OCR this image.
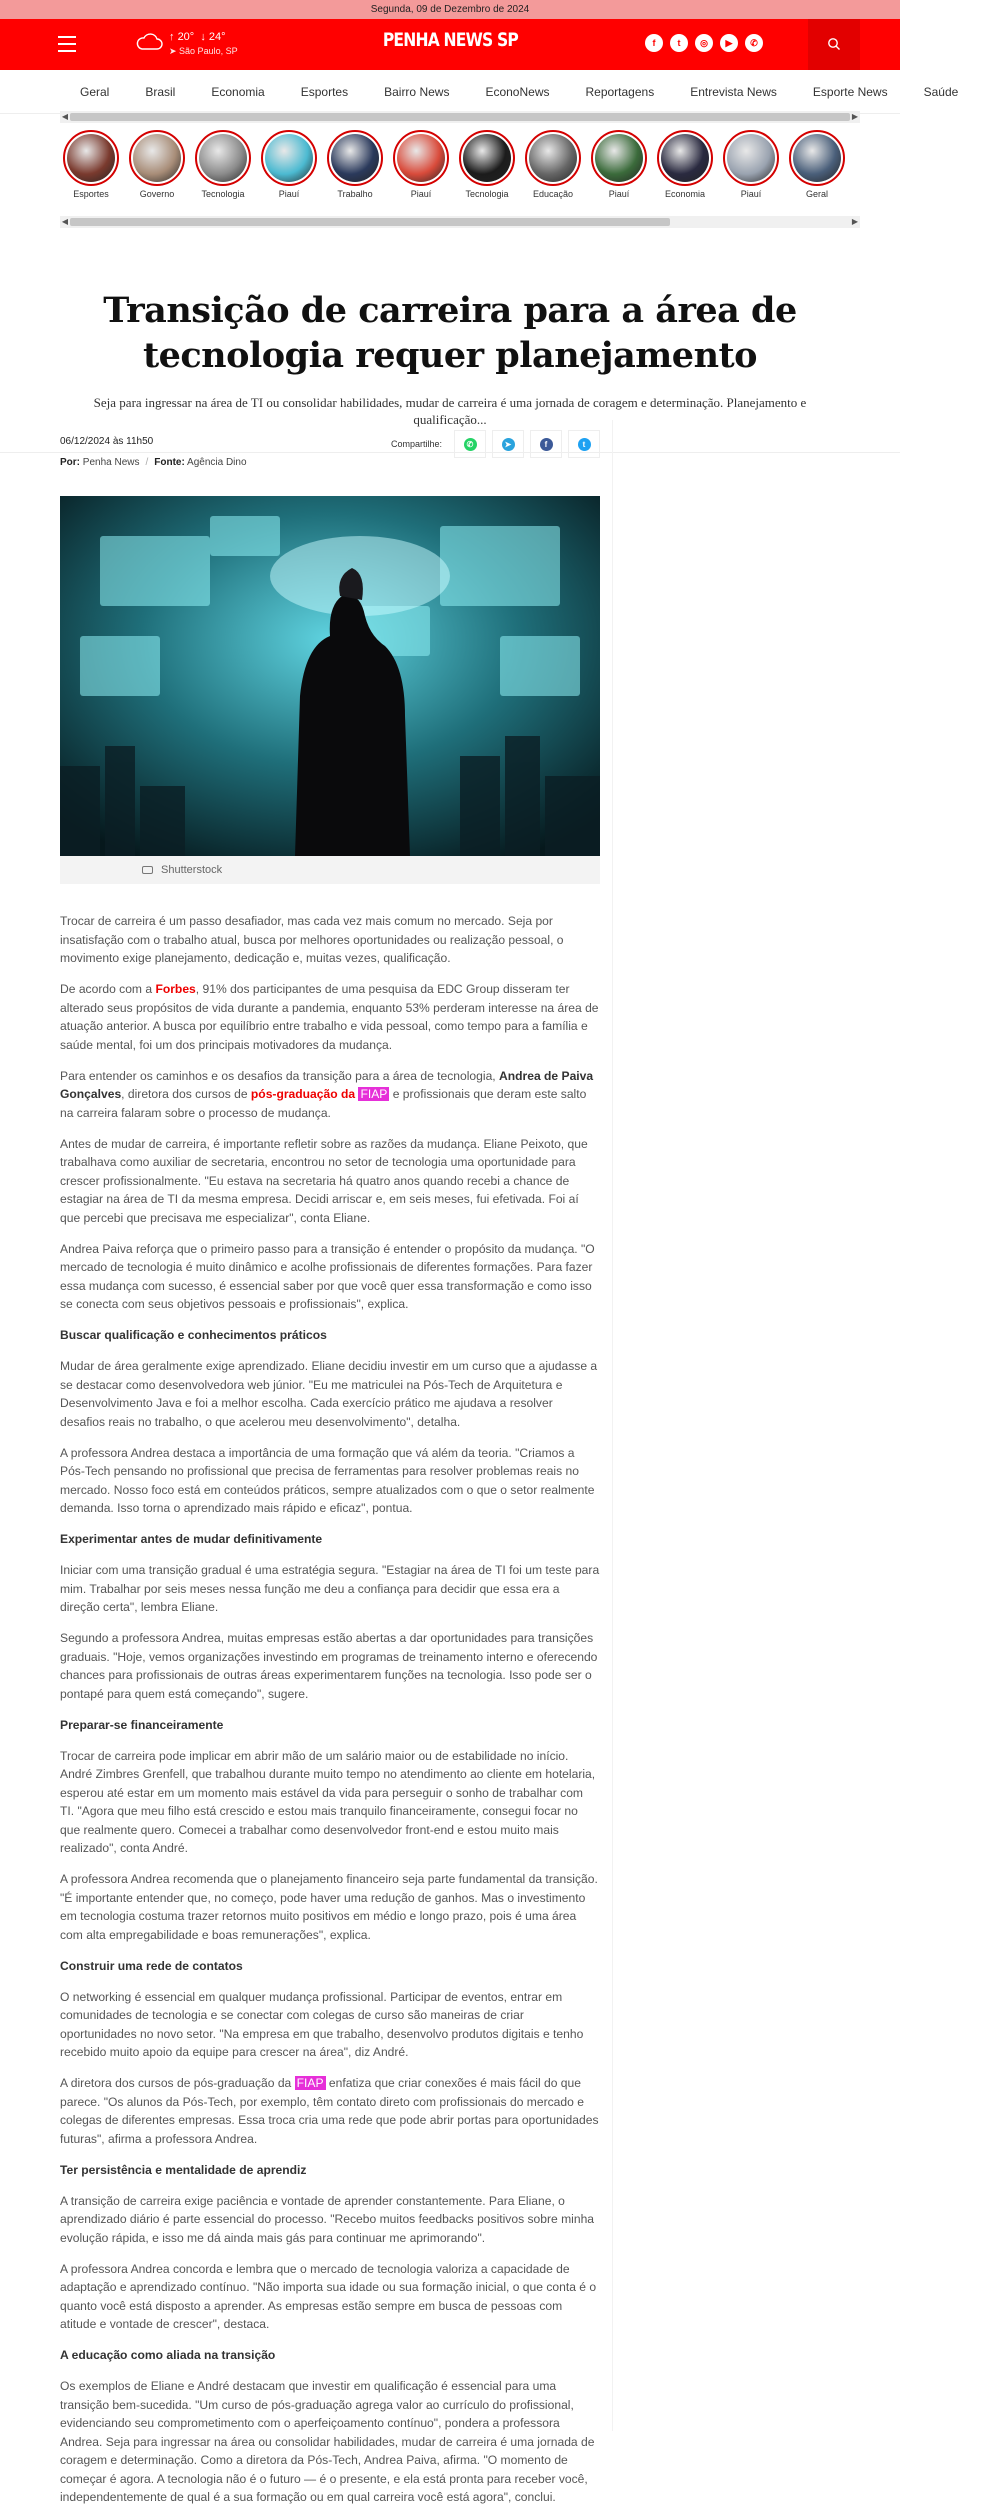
Segunda, 09 de Dezembro de 2024
↑ 20° ↓ 24°
➤ São Paulo, SP	PENHA NEWS SP	f	t	◎	▶	✆
Geral	Brasil	Economia	Esportes	Bairro News	EconoNews	Reportagens	Entrevista News	Esporte News	Saúde
◀	▶
Esportes	Governo	Tecnologia	Piauí	Trabalho	Piauí	Tecnologia	Educação	Piauí	Economia	Piauí	Geral
◀	▶
Transição de carreira para a área de tecnologia requer planejamento

Seja para ingressar na área de TI ou consolidar habilidades, mudar de carreira é uma jornada de coragem e determinação. Planejamento e qualificação...

Compartilhe:	✆	➤	f	t
06/12/2024 às 11h50
Por: Penha News / Fonte: Agência Dino
Shutterstock

Trocar de carreira é um passo desafiador, mas cada vez mais comum no mercado. Seja por insatisfação com o trabalho atual, busca por melhores oportunidades ou realização pessoal, o movimento exige planejamento, dedicação e, muitas vezes, qualificação.

De acordo com a Forbes, 91% dos participantes de uma pesquisa da EDC Group disseram ter alterado seus propósitos de vida durante a pandemia, enquanto 53% perderam interesse na área de atuação anterior. A busca por equilíbrio entre trabalho e vida pessoal, como tempo para a família e saúde mental, foi um dos principais motivadores da mudança.

Para entender os caminhos e os desafios da transição para a área de tecnologia, Andrea de Paiva Gonçalves, diretora dos cursos de pós-graduação da FIAP e profissionais que deram este salto na carreira falaram sobre o processo de mudança.

Antes de mudar de carreira, é importante refletir sobre as razões da mudança. Eliane Peixoto, que trabalhava como auxiliar de secretaria, encontrou no setor de tecnologia uma oportunidade para crescer profissionalmente. "Eu estava na secretaria há quatro anos quando recebi a chance de estagiar na área de TI da mesma empresa. Decidi arriscar e, em seis meses, fui efetivada. Foi aí que percebi que precisava me especializar", conta Eliane.

Andrea Paiva reforça que o primeiro passo para a transição é entender o propósito da mudança. "O mercado de tecnologia é muito dinâmico e acolhe profissionais de diferentes formações. Para fazer essa mudança com sucesso, é essencial saber por que você quer essa transformação e como isso se conecta com seus objetivos pessoais e profissionais", explica.

Buscar qualificação e conhecimentos práticos

Mudar de área geralmente exige aprendizado. Eliane decidiu investir em um curso que a ajudasse a se destacar como desenvolvedora web júnior. "Eu me matriculei na Pós-Tech de Arquitetura e Desenvolvimento Java e foi a melhor escolha. Cada exercício prático me ajudava a resolver desafios reais no trabalho, o que acelerou meu desenvolvimento", detalha.

A professora Andrea destaca a importância de uma formação que vá além da teoria. "Criamos a Pós-Tech pensando no profissional que precisa de ferramentas para resolver problemas reais no mercado. Nosso foco está em conteúdos práticos, sempre atualizados com o que o setor realmente demanda. Isso torna o aprendizado mais rápido e eficaz", pontua.

Experimentar antes de mudar definitivamente

Iniciar com uma transição gradual é uma estratégia segura. "Estagiar na área de TI foi um teste para mim. Trabalhar por seis meses nessa função me deu a confiança para decidir que essa era a direção certa", lembra Eliane.

Segundo a professora Andrea, muitas empresas estão abertas a dar oportunidades para transições graduais. "Hoje, vemos organizações investindo em programas de treinamento interno e oferecendo chances para profissionais de outras áreas experimentarem funções na tecnologia. Isso pode ser o pontapé para quem está começando", sugere.

Preparar-se financeiramente

Trocar de carreira pode implicar em abrir mão de um salário maior ou de estabilidade no início. André Zimbres Grenfell, que trabalhou durante muito tempo no atendimento ao cliente em hotelaria, esperou até estar em um momento mais estável da vida para perseguir o sonho de trabalhar com TI. "Agora que meu filho está crescido e estou mais tranquilo financeiramente, consegui focar no que realmente quero. Comecei a trabalhar como desenvolvedor front-end e estou muito mais realizado", conta André.

A professora Andrea recomenda que o planejamento financeiro seja parte fundamental da transição. "É importante entender que, no começo, pode haver uma redução de ganhos. Mas o investimento em tecnologia costuma trazer retornos muito positivos em médio e longo prazo, pois é uma área com alta empregabilidade e boas remunerações", explica.

Construir uma rede de contatos

O networking é essencial em qualquer mudança profissional. Participar de eventos, entrar em comunidades de tecnologia e se conectar com colegas de curso são maneiras de criar oportunidades no novo setor. "Na empresa em que trabalho, desenvolvo produtos digitais e tenho recebido muito apoio da equipe para crescer na área", diz André.

A diretora dos cursos de pós-graduação da FIAP enfatiza que criar conexões é mais fácil do que parece. "Os alunos da Pós-Tech, por exemplo, têm contato direto com profissionais do mercado e colegas de diferentes empresas. Essa troca cria uma rede que pode abrir portas para oportunidades futuras", afirma a professora Andrea.

Ter persistência e mentalidade de aprendiz

A transição de carreira exige paciência e vontade de aprender constantemente. Para Eliane, o aprendizado diário é parte essencial do processo. "Recebo muitos feedbacks positivos sobre minha evolução rápida, e isso me dá ainda mais gás para continuar me aprimorando".

A professora Andrea concorda e lembra que o mercado de tecnologia valoriza a capacidade de adaptação e aprendizado contínuo. "Não importa sua idade ou sua formação inicial, o que conta é o quanto você está disposto a aprender. As empresas estão sempre em busca de pessoas com atitude e vontade de crescer", destaca.

A educação como aliada na transição

Os exemplos de Eliane e André destacam que investir em qualificação é essencial para uma transição bem-sucedida. "Um curso de pós-graduação agrega valor ao currículo do profissional, evidenciando seu comprometimento com o aperfeiçoamento contínuo", pondera a professora Andrea. Seja para ingressar na área ou consolidar habilidades, mudar de carreira é uma jornada de coragem e determinação. Como a diretora da Pós-Tech, Andrea Paiva, afirma. "O momento de começar é agora. A tecnologia não é o futuro — é o presente, e ela está pronta para receber você, independentemente de qual é a sua formação ou em qual carreira você está agora", conclui.
